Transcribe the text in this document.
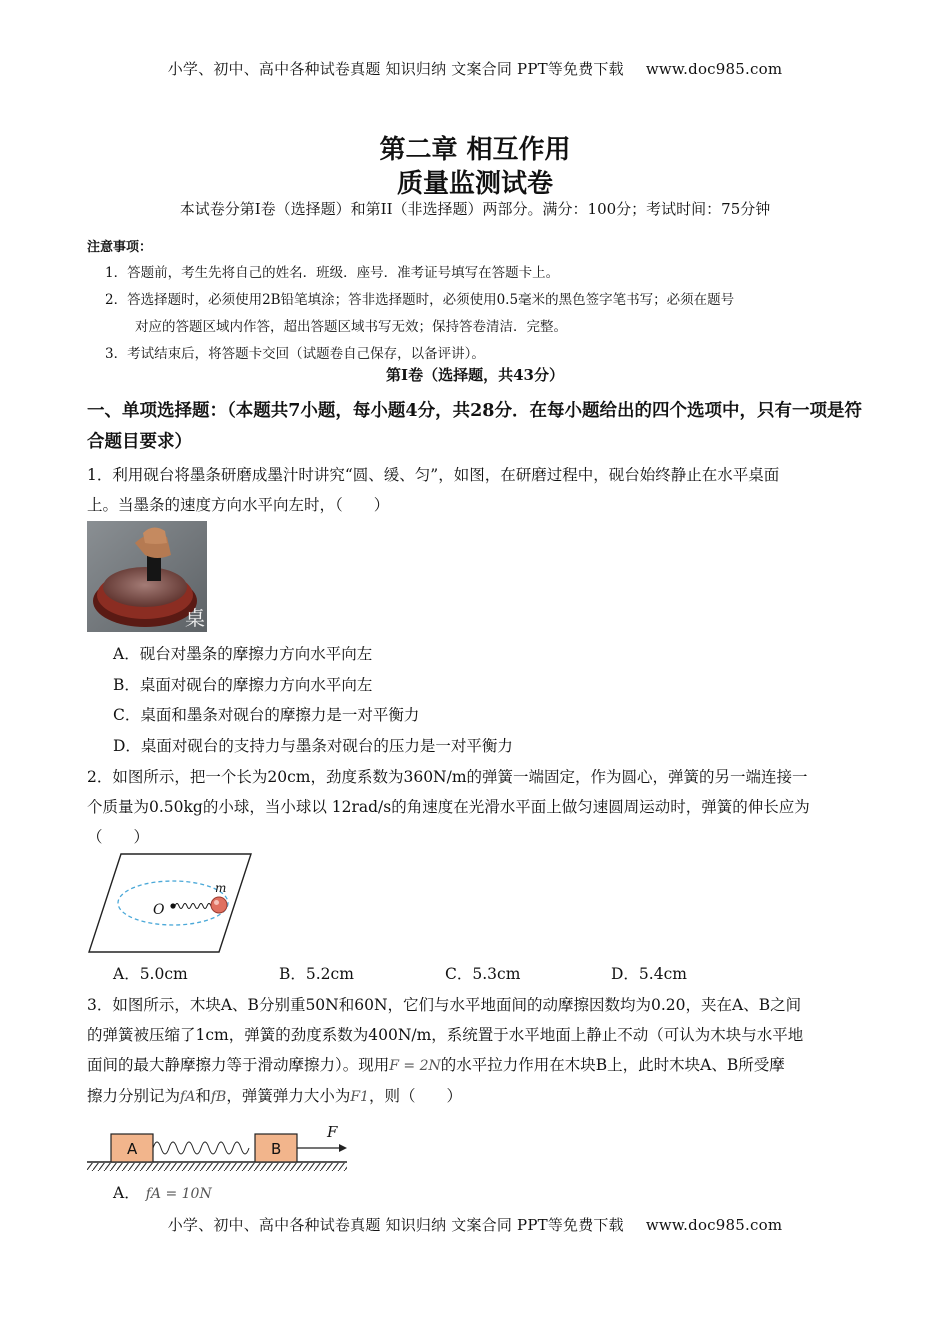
小学、初中、高中各种试卷真题 知识归纳 文案合同 PPT等免费下载 www.doc985.com
第二章 相互作用
质量监测试卷
本试卷分第I卷（选择题）和第II（非选择题）两部分。满分：100分；考试时间：75分钟
注意事项：
1．答题前，考生先将自己的姓名．班级．座号．准考证号填写在答题卡上。
2．答选择题时，必须使用2B铅笔填涂；答非选择题时，必须使用0.5毫米的黑色签字笔书写；必须在题号
对应的答题区域内作答，超出答题区域书写无效；保持答卷清洁．完整。
3．考试结束后，将答题卡交回（试题卷自己保存，以备评讲）。
第Ⅰ卷（选择题，共43分）
一、单项选择题：（本题共7小题，每小题4分，共28分．在每小题给出的四个选项中，只有一项是符合题目要求）
1．利用砚台将墨条研磨成墨汁时讲究“圆、缓、匀”，如图，在研磨过程中，砚台始终静止在水平桌面
上。当墨条的速度方向水平向左时，（　　）
桌
A．砚台对墨条的摩擦力方向水平向左
B．桌面对砚台的摩擦力方向水平向左
C．桌面和墨条对砚台的摩擦力是一对平衡力
D．桌面对砚台的支持力与墨条对砚台的压力是一对平衡力
2．如图所示，把一个长为20cm，劲度系数为360N/m的弹簧一端固定，作为圆心，弹簧的另一端连接一
个质量为0.50kg的小球，当小球以 12rad/s的角速度在光滑水平面上做匀速圆周运动时，弹簧的伸长应为
（　　）
O
m
A．5.0cm	B．5.2cm	C．5.3cm	D．5.4cm
3．如图所示，木块A、B分别重50N和60N，它们与水平地面间的动摩擦因数均为0.20，夹在A、B之间
的弹簧被压缩了1cm，弹簧的劲度系数为400N/m，系统置于水平地面上静止不动（可认为木块与水平地
面间的最大静摩擦力等于滑动摩擦力）。现用F = 2N的水平拉力作用在木块B上，此时木块A、B所受摩
擦力分别记为fA和fB，弹簧弹力大小为F1，则（　　）
A	B
F
A． fA = 10N
小学、初中、高中各种试卷真题 知识归纳 文案合同 PPT等免费下载 www.doc985.com
